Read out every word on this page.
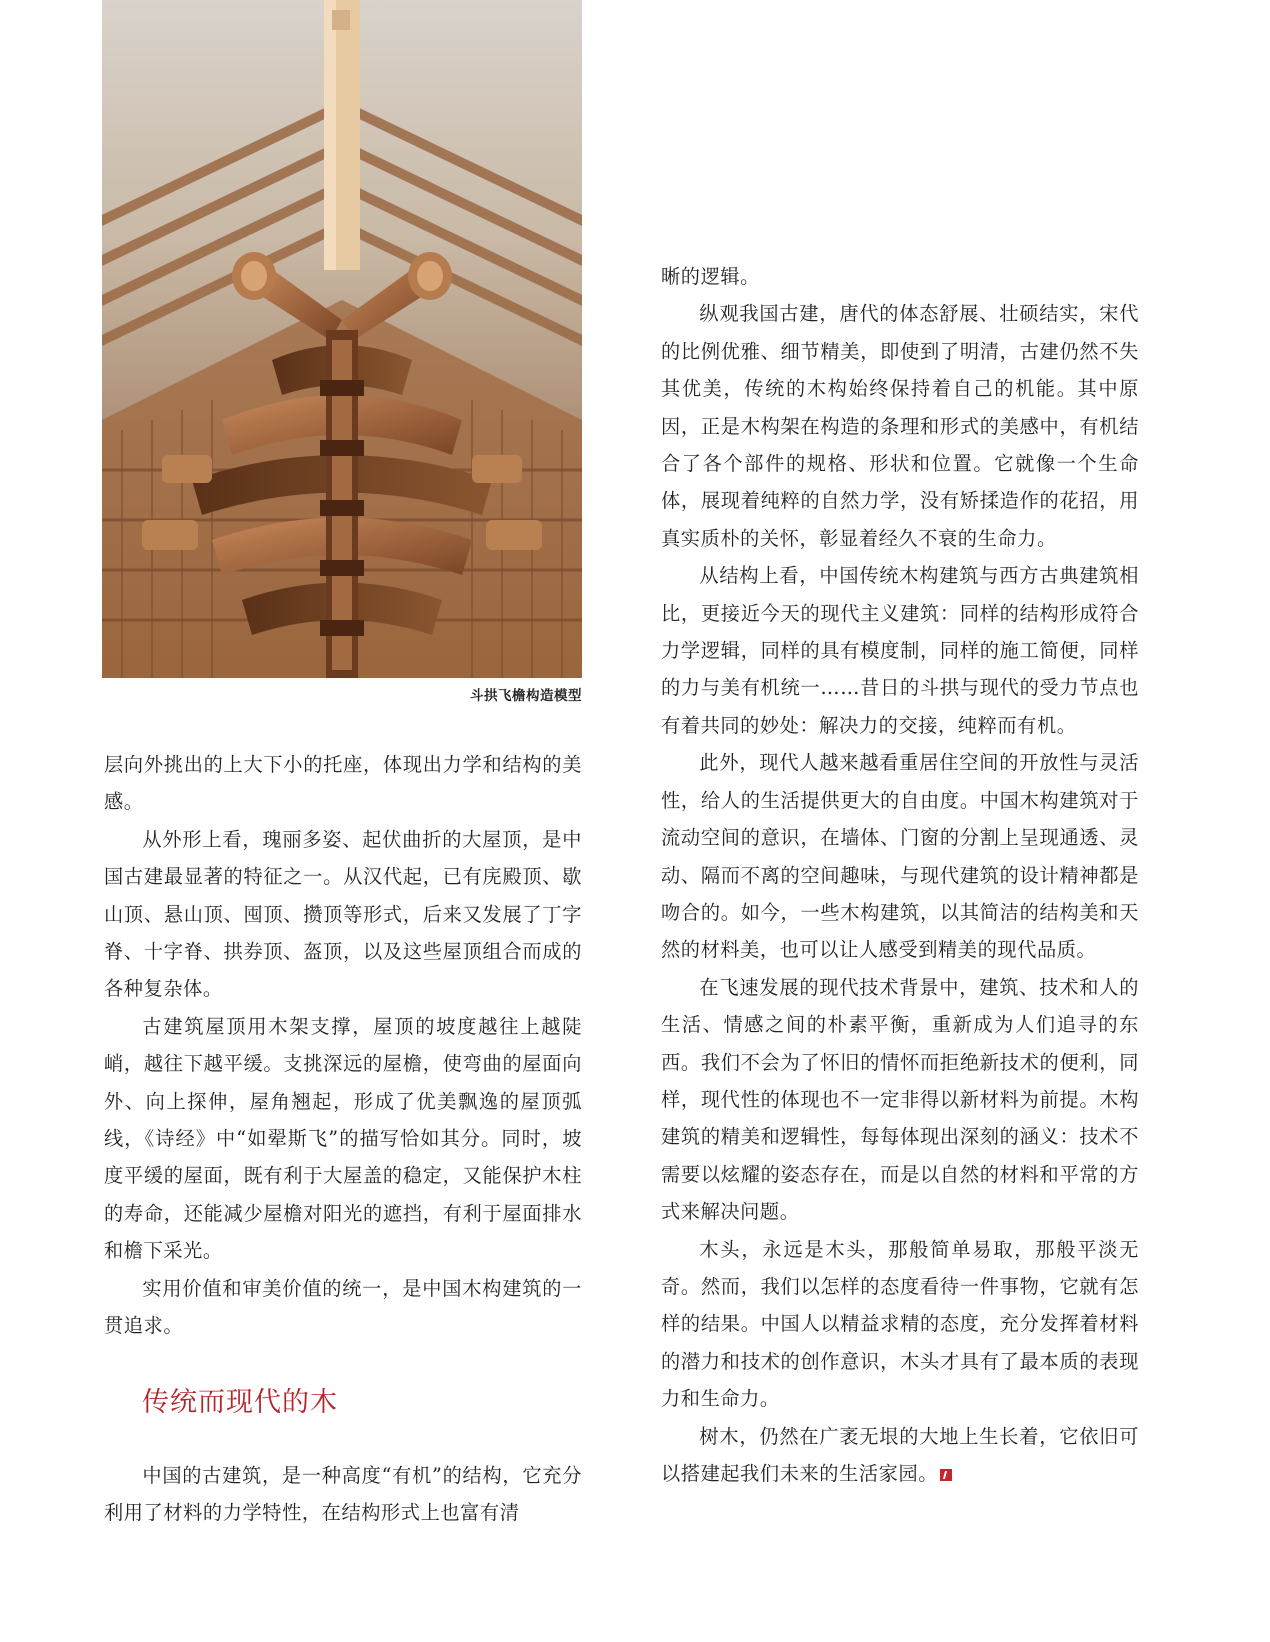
斗拱飞檐构造模型

层向外挑出的上大下小的托座，体现出力学和结构的美感。

从外形上看，瑰丽多姿、起伏曲折的大屋顶，是中国古建最显著的特征之一。从汉代起，已有庑殿顶、歇山顶、悬山顶、囤顶、攒顶等形式，后来又发展了丁字脊、十字脊、拱券顶、盔顶，以及这些屋顶组合而成的各种复杂体。

古建筑屋顶用木架支撑，屋顶的坡度越往上越陡峭，越往下越平缓。支挑深远的屋檐，使弯曲的屋面向外、向上探伸，屋角翘起，形成了优美飘逸的屋顶弧线，《诗经》中“如翚斯飞”的描写恰如其分。同时，坡度平缓的屋面，既有利于大屋盖的稳定，又能保护木柱的寿命，还能减少屋檐对阳光的遮挡，有利于屋面排水和檐下采光。

实用价值和审美价值的统一，是中国木构建筑的一贯追求。

传统而现代的木

中国的古建筑，是一种高度“有机”的结构，它充分利用了材料的力学特性，在结构形式上也富有清

晰的逻辑。

纵观我国古建，唐代的体态舒展、壮硕结实，宋代的比例优雅、细节精美，即使到了明清，古建仍然不失其优美，传统的木构始终保持着自己的机能。其中原因，正是木构架在构造的条理和形式的美感中，有机结合了各个部件的规格、形状和位置。它就像一个生命体，展现着纯粹的自然力学，没有矫揉造作的花招，用真实质朴的关怀，彰显着经久不衰的生命力。

从结构上看，中国传统木构建筑与西方古典建筑相比，更接近今天的现代主义建筑：同样的结构形成符合力学逻辑，同样的具有模度制，同样的施工简便，同样的力与美有机统一……昔日的斗拱与现代的受力节点也有着共同的妙处：解决力的交接，纯粹而有机。

此外，现代人越来越看重居住空间的开放性与灵活性，给人的生活提供更大的自由度。中国木构建筑对于流动空间的意识，在墙体、门窗的分割上呈现通透、灵动、隔而不离的空间趣味，与现代建筑的设计精神都是吻合的。如今，一些木构建筑，以其简洁的结构美和天然的材料美，也可以让人感受到精美的现代品质。

在飞速发展的现代技术背景中，建筑、技术和人的生活、情感之间的朴素平衡，重新成为人们追寻的东西。我们不会为了怀旧的情怀而拒绝新技术的便利，同样，现代性的体现也不一定非得以新材料为前提。木构建筑的精美和逻辑性，每每体现出深刻的涵义：技术不需要以炫耀的姿态存在，而是以自然的材料和平常的方式来解决问题。

木头，永远是木头，那般简单易取，那般平淡无奇。然而，我们以怎样的态度看待一件事物，它就有怎样的结果。中国人以精益求精的态度，充分发挥着材料的潜力和技术的创作意识，木头才具有了最本质的表现力和生命力。

树木，仍然在广袤无垠的大地上生长着，它依旧可以搭建起我们未来的生活家园。
